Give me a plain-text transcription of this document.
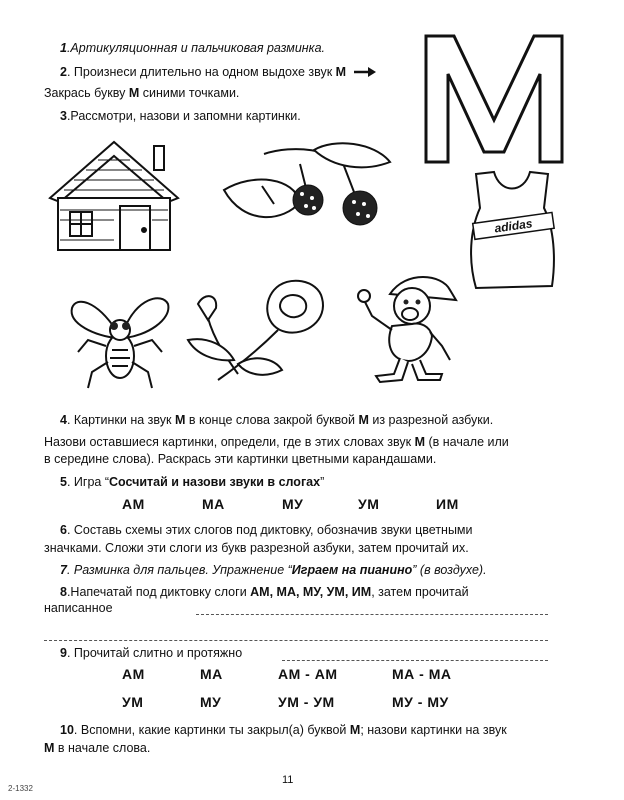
1.Артикуляционная и пальчиковая разминка.
2. Произнеси длительно на одном выдохе звук М
Закрась букву М синими точками.
3.Рассмотри, назови и запомни картинки.
adidas
4. Картинки на звук М в конце слова закрой буквой М из разрезной азбуки.
Назови оставшиеся картинки, определи, где в этих словах звук М (в начале или
в середине слова). Раскрась эти картинки цветными карандашами.
5. Игра “Сосчитай и назови звуки в слогах”
АМ	МА	МУ	УМ	ИМ
6. Составь схемы этих слогов под диктовку, обозначив звуки цветными
значками. Сложи эти слоги из букв разрезной азбуки, затем прочитай их.
7. Разминка для пальцев. Упражнение “Играем на пианино” (в воздухе).
8.Напечатай под диктовку слоги АМ, МА, МУ, УМ, ИМ, затем прочитай
написанное
9. Прочитай слитно и протяжно
АМ	МА	АМ - АМ	МА - МА
УМ	МУ	УМ - УМ	МУ - МУ
10. Вспомни, какие картинки ты закрыл(а) буквой М; назови картинки на звук
М в начале слова.
11
2-1332
